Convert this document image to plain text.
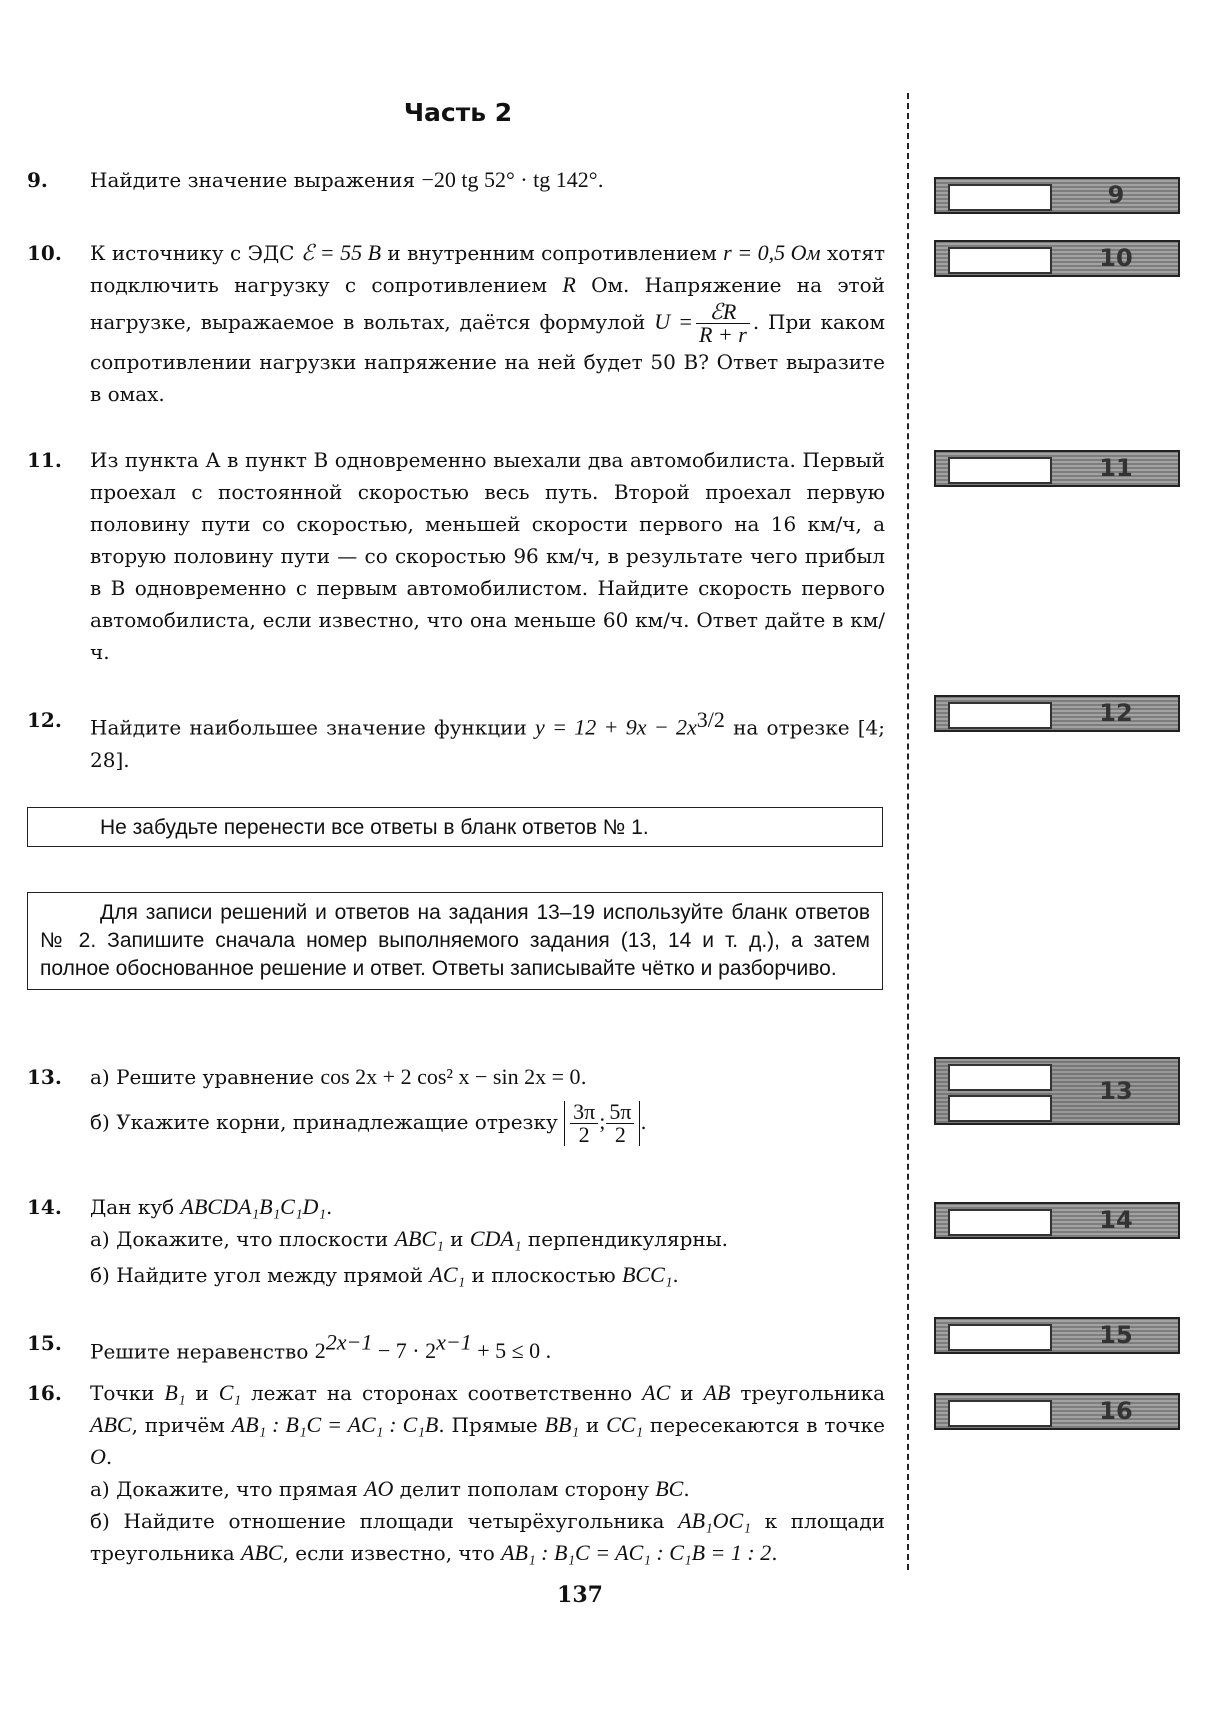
Часть 2
9. Найдите значение выражения −20 tg 52° · tg 142°.
10. К источнику с ЭДС ℰ = 55 В и внутренним сопротивлением r = 0,5 Ом хотят подключить нагрузку с сопротивлением R Ом. Напряжение на этой нагрузке, выражаемое в вольтах, даётся формулой $U = \frac{\text{ℰR}}{R + r}$ . При каком сопротивлении нагрузки напряжение на ней будет 50 В? Ответ выразите в омах.
11. Из пункта А в пункт В одновременно выехали два автомобилиста. Первый проехал с постоянной скоростью весь путь. Второй проехал первую половину пути со скоростью, меньшей скорости первого на 16 км/ч, а вторую половину пути — со скоростью 96 км/ч, в результате чего прибыл в В одновременно с первым автомобилистом. Найдите скорость первого автомобилиста, если известно, что она меньше 60 км/ч. Ответ дайте в км/ч.
12. Найдите наибольшее значение функции $y = 12 + 9x - 2x^{3/2}$ на отрезке [4; 28].
Не забудьте перенести все ответы в бланк ответов № 1.
Для записи решений и ответов на задания 13–19 используйте бланк ответов № 2. Запишите сначала номер выполняемого задания (13, 14 и т. д.), а затем полное обоснованное решение и ответ. Ответы записывайте чётко и разборчиво.
13. а) Решите уравнение cos 2x + 2 cos² x − sin 2x = 0.
б) Укажите корни, принадлежащие отрезку $\frac{3\pi}{2}$ ; $\frac{5\pi}{2}$ .
14. Дан куб ABCDA₁B₁C₁D₁.
а) Докажите, что плоскости ABC₁ и CDA₁ перпендикулярны.
б) Найдите угол между прямой AC₁ и плоскостью BCC₁.
15. Решите неравенство $2^{2x-1} - 7 \cdot 2^{x-1} + 5 \le 0$ .
16. Точки B₁ и C₁ лежат на сторонах соответственно AC и AB треугольника ABC, причём AB₁ : B₁C = AC₁ : C₁B. Прямые BB₁ и CC₁ пересекаются в точке O.
а) Докажите, что прямая AO делит пополам сторону BC.
б) Найдите отношение площади четырёхугольника AB₁OC₁ к площади треугольника ABC, если известно, что AB₁ : B₁C = AC₁ : C₁B = 1 : 2.
9
10
11
12
13
14
15
16
137
